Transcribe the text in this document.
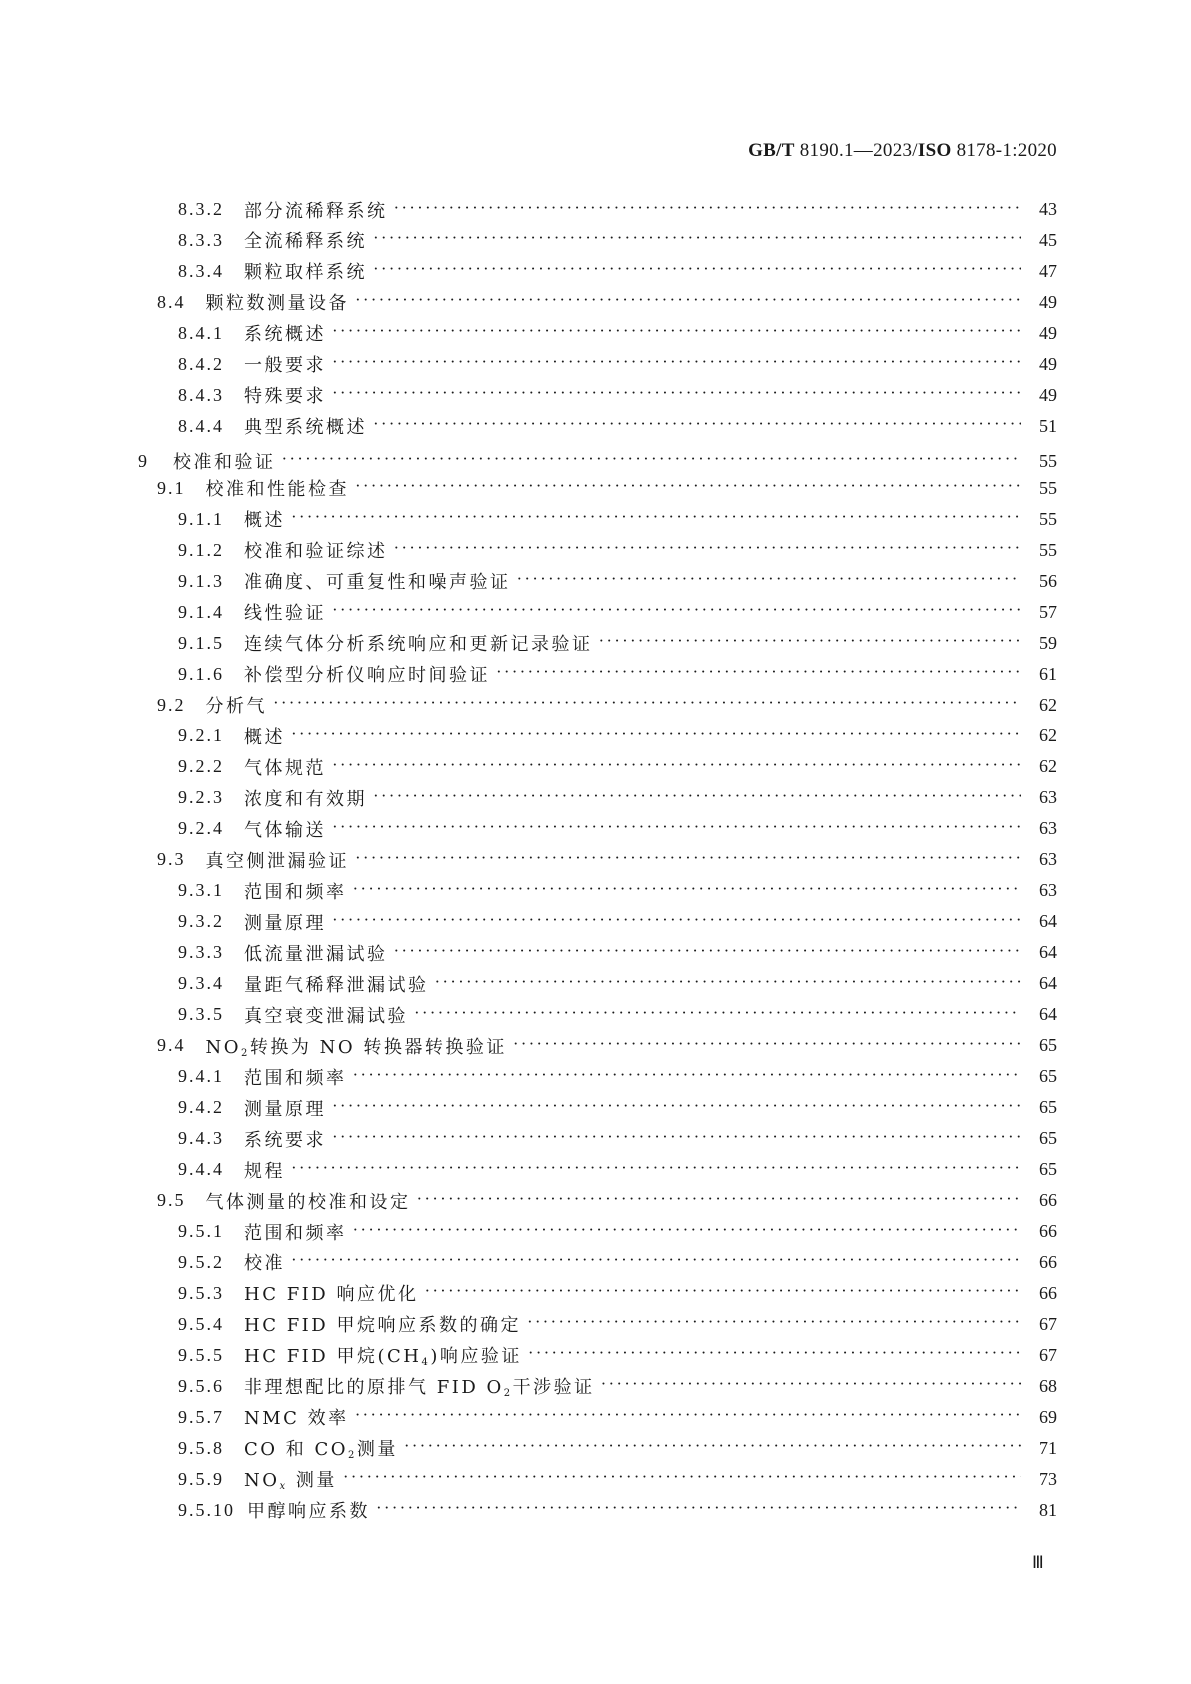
GB/T 8190.1—2023/ISO 8178-1:2020
8.3.2 部分流稀释系统 ·····	43
8.3.3 全流稀释系统 ·····	45
8.3.4 颗粒取样系统 ·····	47
8.4 颗粒数测量设备 ·····	49
8.4.1 系统概述 ·····	49
8.4.2 一般要求 ·····	49
8.4.3 特殊要求 ·····	49
8.4.4 典型系统概述 ·····	51
9 校准和验证 ·····	55
9.1 校准和性能检查 ·····	55
9.1.1 概述 ·····	55
9.1.2 校准和验证综述 ·····	55
9.1.3 准确度、可重复性和噪声验证 ·····	56
9.1.4 线性验证 ·····	57
9.1.5 连续气体分析系统响应和更新记录验证 ·····	59
9.1.6 补偿型分析仪响应时间验证 ·····	61
9.2 分析气 ·····	62
9.2.1 概述 ·····	62
9.2.2 气体规范 ·····	62
9.2.3 浓度和有效期 ·····	63
9.2.4 气体输送 ·····	63
9.3 真空侧泄漏验证 ·····	63
9.3.1 范围和频率 ·····	63
9.3.2 测量原理 ·····	64
9.3.3 低流量泄漏试验 ·····	64
9.3.4 量距气稀释泄漏试验 ·····	64
9.3.5 真空衰变泄漏试验 ·····	64
9.4 $NO_2$转换为 NO 转换器转换验证 ·····	65
9.4.1 范围和频率 ·····	65
9.4.2 测量原理 ·····	65
9.4.3 系统要求 ·····	65
9.4.4 规程 ·····	65
9.5 气体测量的校准和设定 ·····	66
9.5.1 范围和频率 ·····	66
9.5.2 校准 ·····	66
9.5.3 HC FID 响应优化 ·····	66
9.5.4 HC FID 甲烷响应系数的确定 ·····	67
9.5.5 HC FID 甲烷$(CH_4)$响应验证 ·····	67
9.5.6 非理想配比的原排气 FID $O_2$干涉验证 ·····	68
9.5.7 NMC 效率 ·····	69
9.5.8 CO 和 $CO_2$测量 ·····	71
9.5.9 $NO_x$ 测量 ·····	73
9.5.10 甲醇响应系数 ·····	81
Ⅲ
